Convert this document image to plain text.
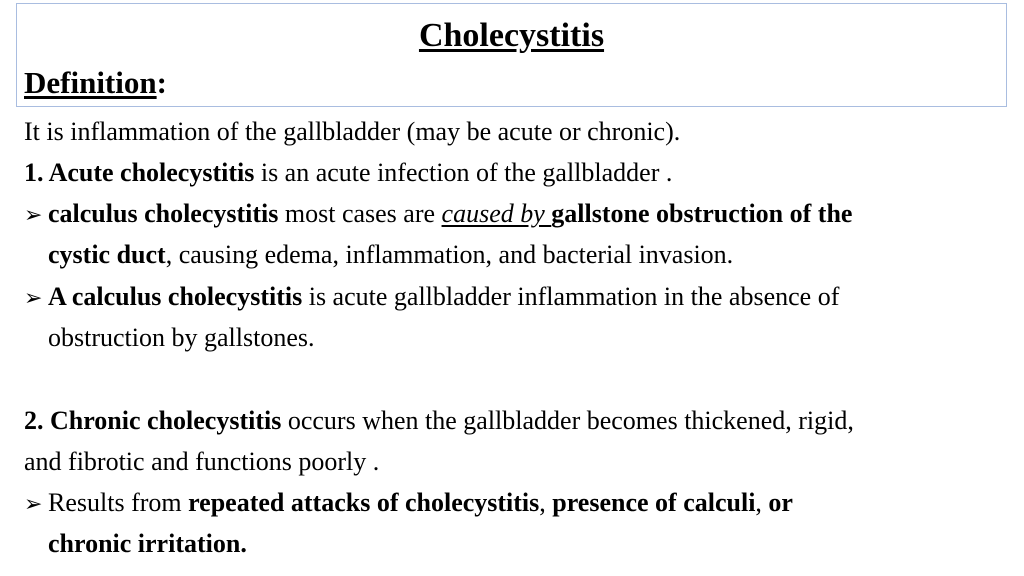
Cholecystitis
Definition:
It is inflammation of the gallbladder (may be acute or chronic).
1. Acute cholecystitis is an acute infection of the gallbladder .
➢ calculus cholecystitis most cases are caused by gallstone obstruction of the
cystic duct, causing edema, inflammation, and bacterial invasion.
➢ A calculus cholecystitis is acute gallbladder inflammation in the absence of
obstruction by gallstones.
2. Chronic cholecystitis occurs when the gallbladder becomes thickened, rigid,
and fibrotic and functions poorly .
➢ Results from repeated attacks of cholecystitis, presence of calculi, or
chronic irritation.
